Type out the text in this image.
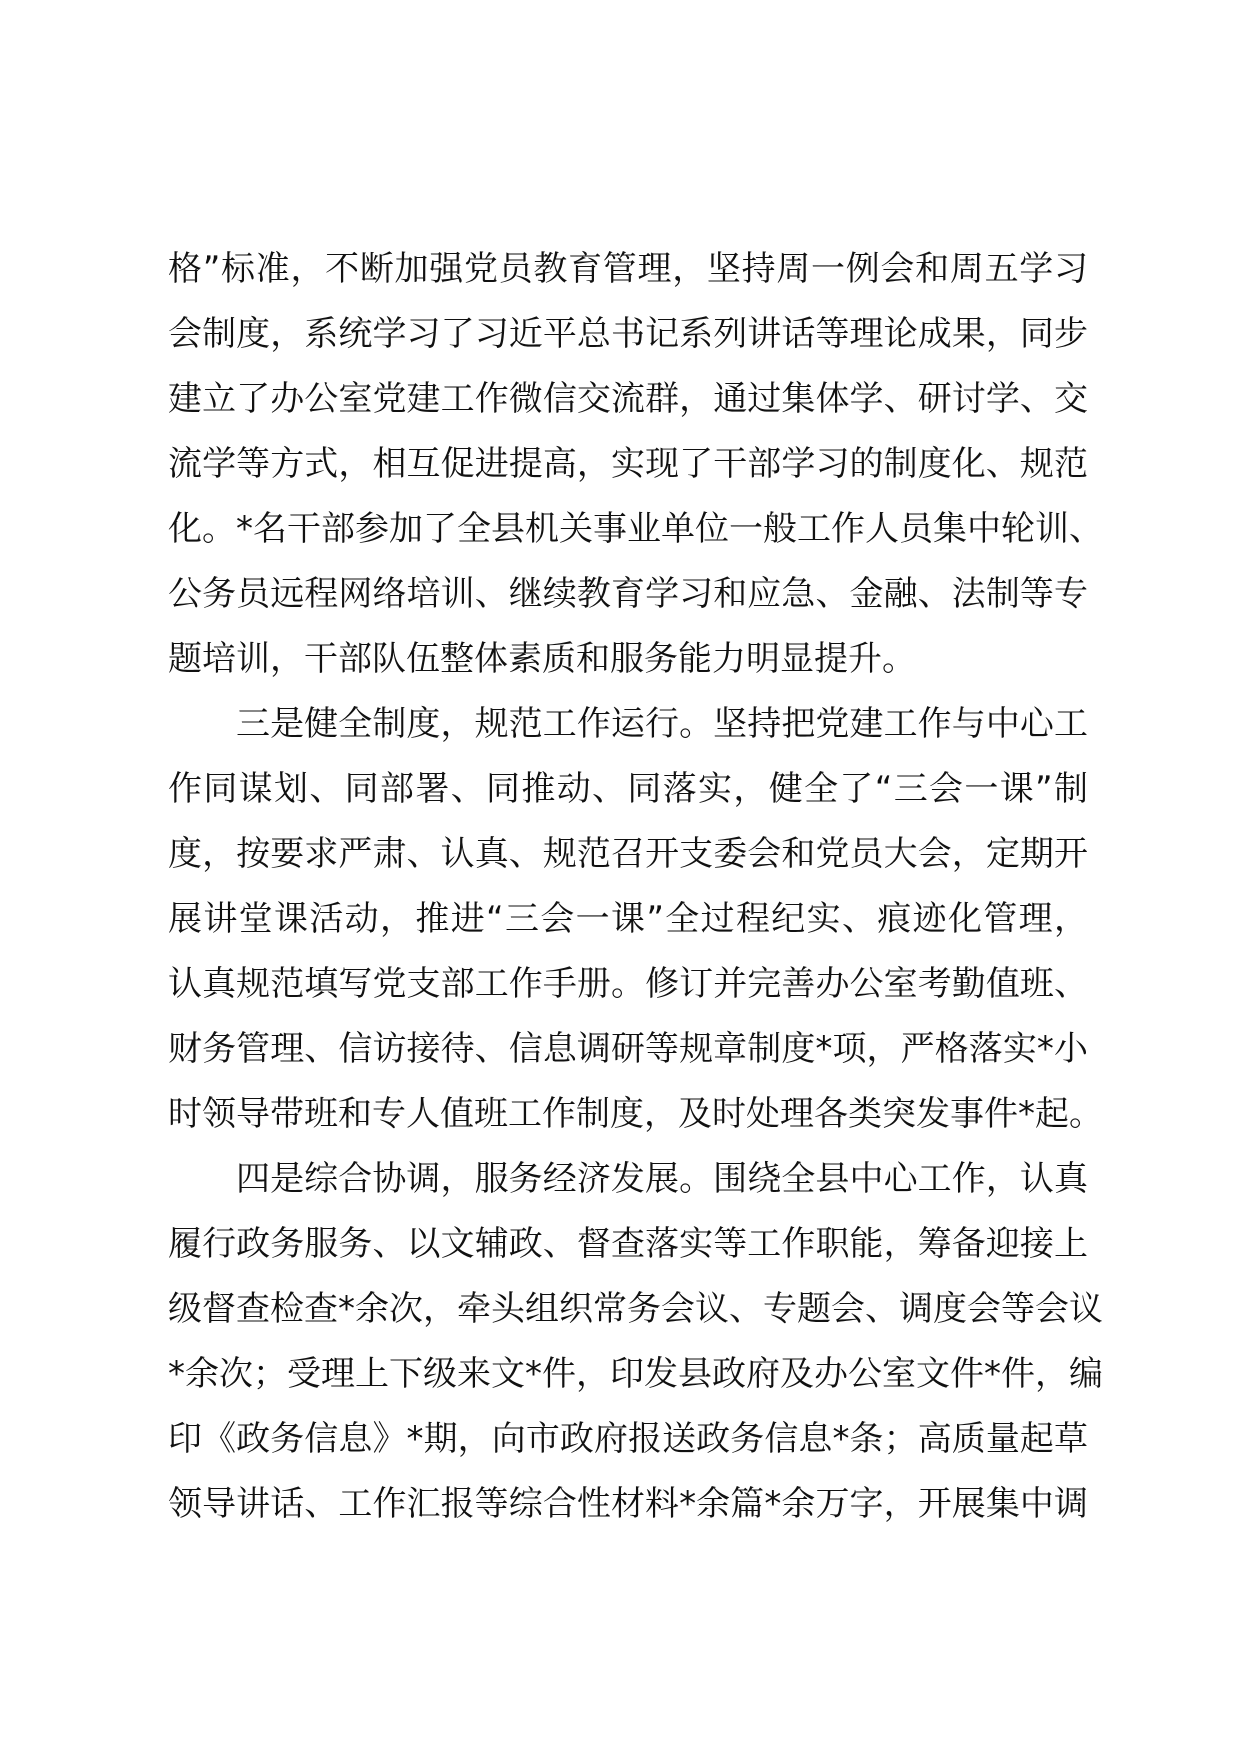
格”标准，不断加强党员教育管理，坚持周一例会和周五学习
会制度，系统学习了习近平总书记系列讲话等理论成果，同步
建立了办公室党建工作微信交流群，通过集体学、研讨学、交
流学等方式，相互促进提高，实现了干部学习的制度化、规范
化。*名干部参加了全县机关事业单位一般工作人员集中轮训、
公务员远程网络培训、继续教育学习和应急、金融、法制等专
题培训，干部队伍整体素质和服务能力明显提升。
三是健全制度，规范工作运行。坚持把党建工作与中心工
作同谋划、同部署、同推动、同落实，健全了“三会一课”制
度，按要求严肃、认真、规范召开支委会和党员大会，定期开
展讲堂课活动，推进“三会一课”全过程纪实、痕迹化管理，
认真规范填写党支部工作手册。修订并完善办公室考勤值班、
财务管理、信访接待、信息调研等规章制度*项，严格落实*小
时领导带班和专人值班工作制度，及时处理各类突发事件*起。
四是综合协调，服务经济发展。围绕全县中心工作，认真
履行政务服务、以文辅政、督查落实等工作职能，筹备迎接上
级督查检查*余次，牵头组织常务会议、专题会、调度会等会议
*余次；受理上下级来文*件，印发县政府及办公室文件*件，编
印《政务信息》*期，向市政府报送政务信息*条；高质量起草
领导讲话、工作汇报等综合性材料*余篇*余万字，开展集中调
